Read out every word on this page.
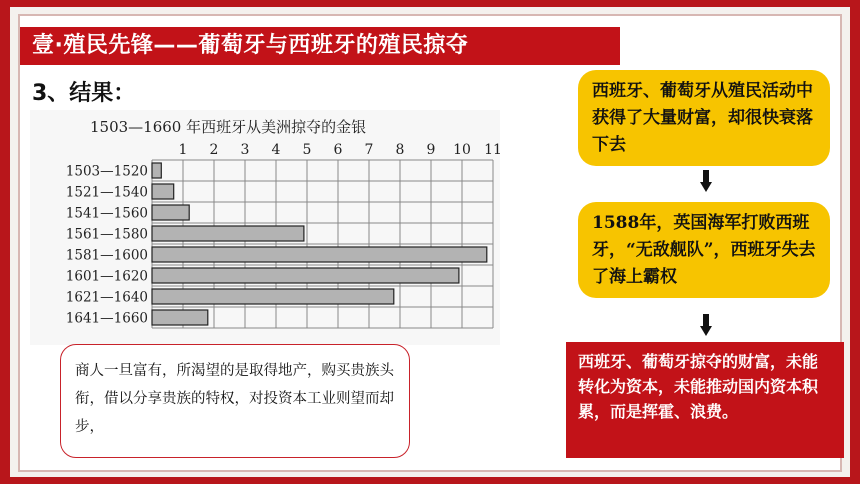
壹·殖民先锋——葡萄牙与西班牙的殖民掠夺
3、结果：
1503—1660 年西班牙从美洲掠夺的金银
1 2 3 4 5 6 7 8 9 10 11
1503—1520
1521—1540
1541—1560
1561—1580
1581—1600
1601—1620
1621—1640
1641—1660
商人一旦富有，所渴望的是取得地产，购买贵族头衔，借以分享贵族的特权，对投资本工业则望而却步，
西班牙、葡萄牙从殖民活动中获得了大量财富，却很快衰落下去
1588年，英国海军打败西班牙，“无敌舰队”，西班牙失去了海上霸权
西班牙、葡萄牙掠夺的财富，未能转化为资本，未能推动国内资本积累，而是挥霍、浪费。
